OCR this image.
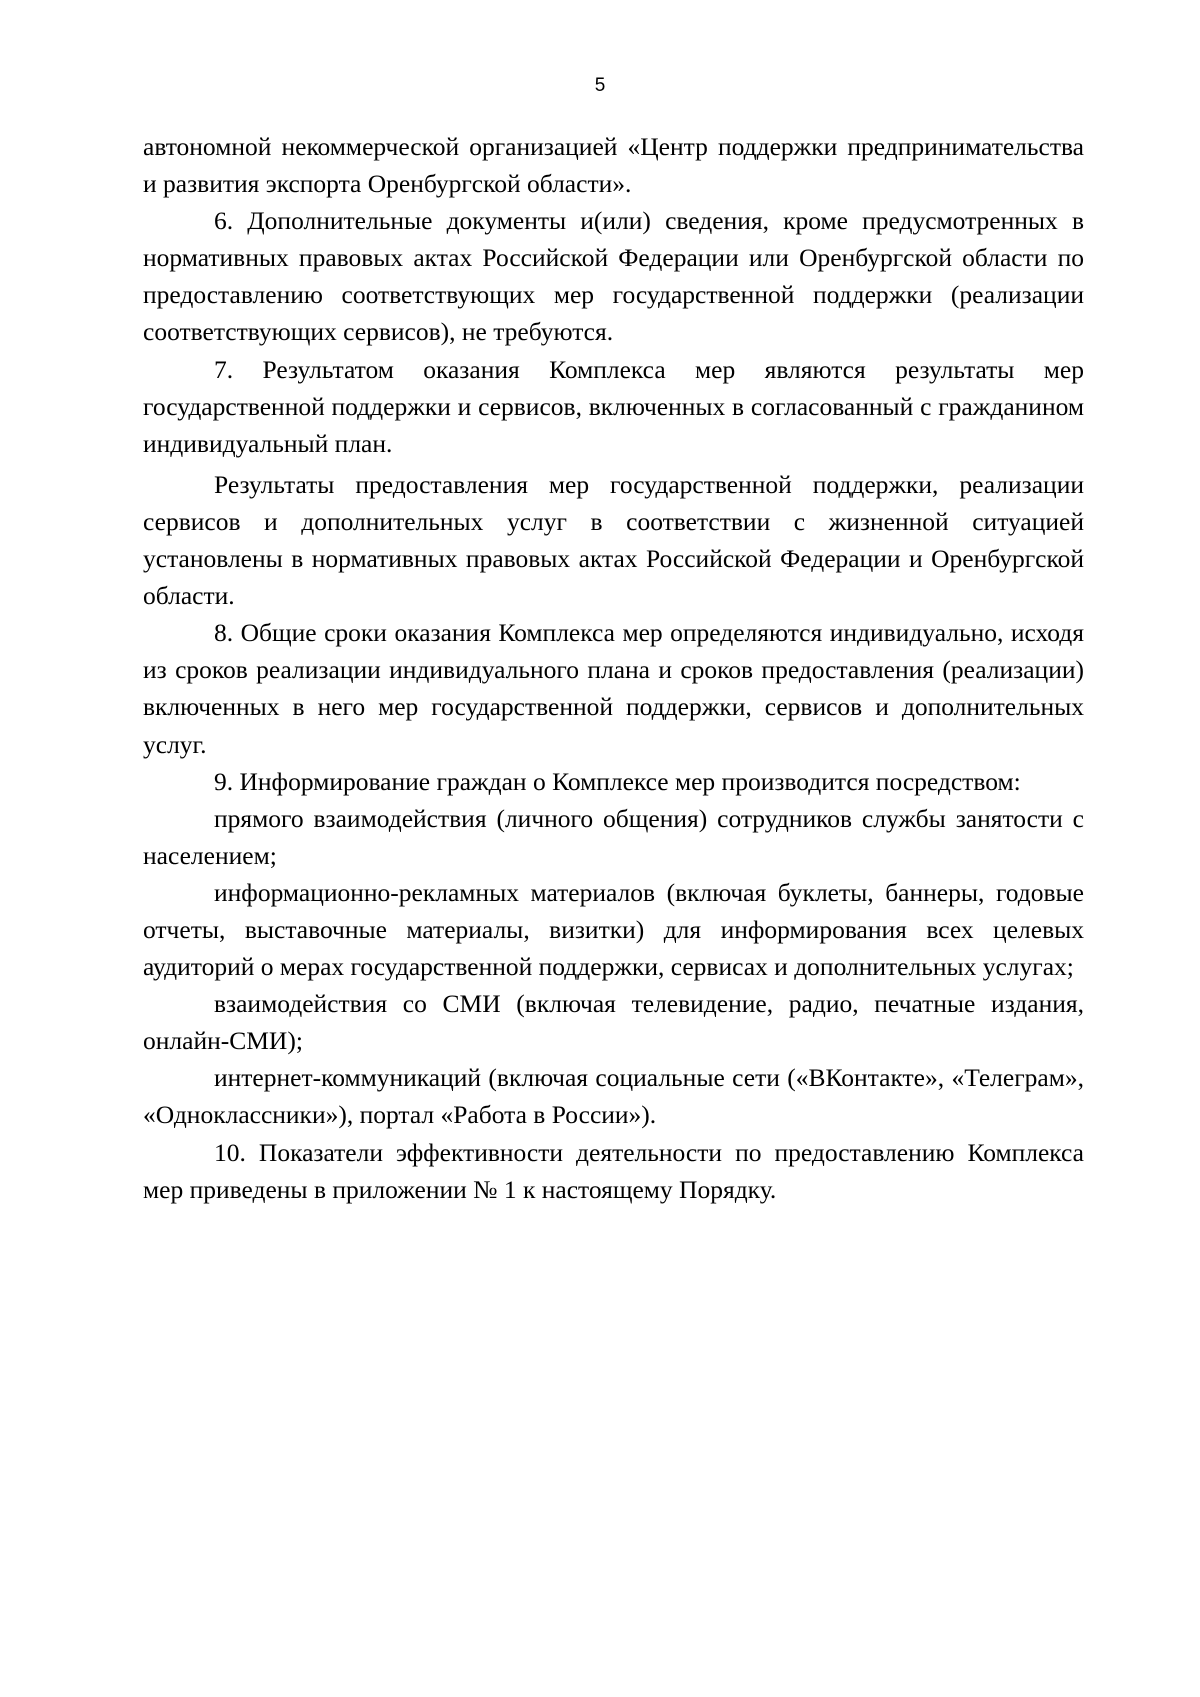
5

автономной некоммерческой организацией «Центр поддержки предпринимательства и развития экспорта Оренбургской области».

6. Дополнительные документы и(или) сведения, кроме предусмотренных в нормативных правовых актах Российской Федерации или Оренбургской области по предоставлению соответствующих мер государственной поддержки (реализации соответствующих сервисов), не требуются.

7. Результатом оказания Комплекса мер являются результаты мер государственной поддержки и сервисов, включенных в согласованный с гражданином индивидуальный план.

Результаты предоставления мер государственной поддержки, реализации сервисов и дополнительных услуг в соответствии с жизненной ситуацией установлены в нормативных правовых актах Российской Федерации и Оренбургской области.

8. Общие сроки оказания Комплекса мер определяются индивидуально, исходя из сроков реализации индивидуального плана и сроков предоставления (реализации) включенных в него мер государственной поддержки, сервисов и дополнительных услуг.

9. Информирование граждан о Комплексе мер производится посредством:

прямого взаимодействия (личного общения) сотрудников службы занятости с населением;

информационно-рекламных материалов (включая буклеты, баннеры, годовые отчеты, выставочные материалы, визитки) для информирования всех целевых аудиторий о мерах государственной поддержки, сервисах и дополнительных услугах;

взаимодействия со СМИ (включая телевидение, радио, печатные издания, онлайн-СМИ);

интернет-коммуникаций (включая социальные сети («ВКонтакте», «Телеграм», «Одноклассники»), портал «Работа в России»).

10. Показатели эффективности деятельности по предоставлению Комплекса мер приведены в приложении № 1 к настоящему Порядку.
